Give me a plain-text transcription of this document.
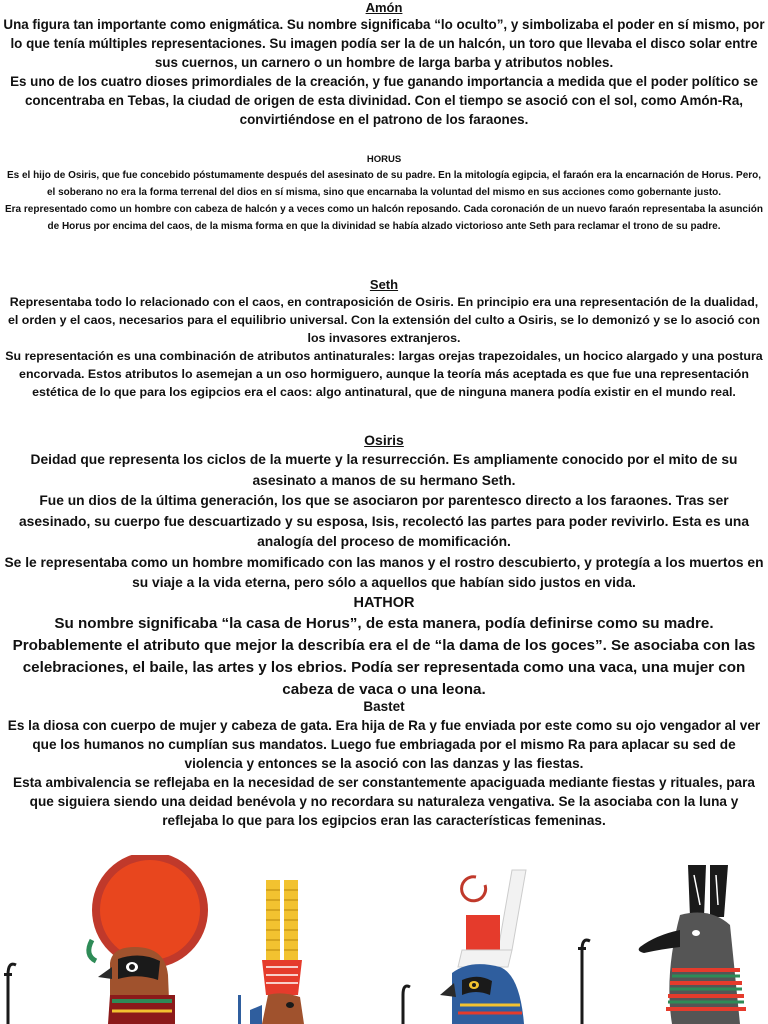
Amón

Una figura tan importante como enigmática. Su nombre significaba “lo oculto”, y simbolizaba el poder en sí mismo, por lo que tenía múltiples representaciones. Su imagen podía ser la de un halcón, un toro que llevaba el disco solar entre sus cuernos, un carnero o un hombre de larga barba y atributos nobles.

Es uno de los cuatro dioses primordiales de la creación, y fue ganando importancia a medida que el poder político se concentraba en Tebas, la ciudad de origen de esta divinidad. Con el tiempo se asoció con el sol, como Amón-Ra, convirtiéndose en el patrono de los faraones.

HORUS

Es el hijo de Osiris, que fue concebido póstumamente después del asesinato de su padre. En la mitología egipcia, el faraón era la encarnación de Horus. Pero, el soberano no era la forma terrenal del dios en sí misma, sino que encarnaba la voluntad del mismo en sus acciones como gobernante justo.

Era representado como un hombre con cabeza de halcón y a veces como un halcón reposando. Cada coronación de un nuevo faraón representaba la asunción de Horus por encima del caos, de la misma forma en que la divinidad se había alzado victorioso ante Seth para reclamar el trono de su padre.

Seth

Representaba todo lo relacionado con el caos, en contraposición de Osiris. En principio era una representación de la dualidad, el orden y el caos, necesarios para el equilibrio universal. Con la extensión del culto a Osiris, se lo demonizó y se lo asoció con los invasores extranjeros.

Su representación es una combinación de atributos antinaturales: largas orejas trapezoidales, un hocico alargado y una postura encorvada. Estos atributos lo asemejan a un oso hormiguero, aunque la teoría más aceptada es que fue una representación estética de lo que para los egipcios era el caos: algo antinatural, que de ninguna manera podía existir en el mundo real.

Osiris

Deidad que representa los ciclos de la muerte y la resurrección. Es ampliamente conocido por el mito de su asesinato a manos de su hermano Seth.

Fue un dios de la última generación, los que se asociaron por parentesco directo a los faraones. Tras ser asesinado, su cuerpo fue descuartizado y su esposa, Isis, recolectó las partes para poder revivirlo. Esta es una analogía del proceso de momificación.

Se le representaba como un hombre momificado con las manos y el rostro descubierto, y protegía a los muertos en su viaje a la vida eterna, pero sólo a aquellos que habían sido justos en vida.

HATHOR

Su nombre significaba “la casa de Horus”, de esta manera, podía definirse como su madre. Probablemente el atributo que mejor la describía era el de “la dama de los goces”. Se asociaba con las celebraciones, el baile, las artes y los ebrios. Podía ser representada como una vaca, una mujer con cabeza de vaca o una leona.

Bastet

Es la diosa con cuerpo de mujer y cabeza de gata. Era hija de Ra y fue enviada por este como su ojo vengador al ver que los humanos no cumplían sus mandatos. Luego fue embriagada por el mismo Ra para aplacar su sed de violencia y entonces se la asoció con las danzas y las fiestas.

Esta ambivalencia se reflejaba en la necesidad de ser constantemente apaciguada mediante fiestas y rituales, para que siguiera siendo una deidad benévola y no recordara su naturaleza vengativa. Se la asociaba con la luna y reflejaba lo que para los egipcios eran las características femeninas.
